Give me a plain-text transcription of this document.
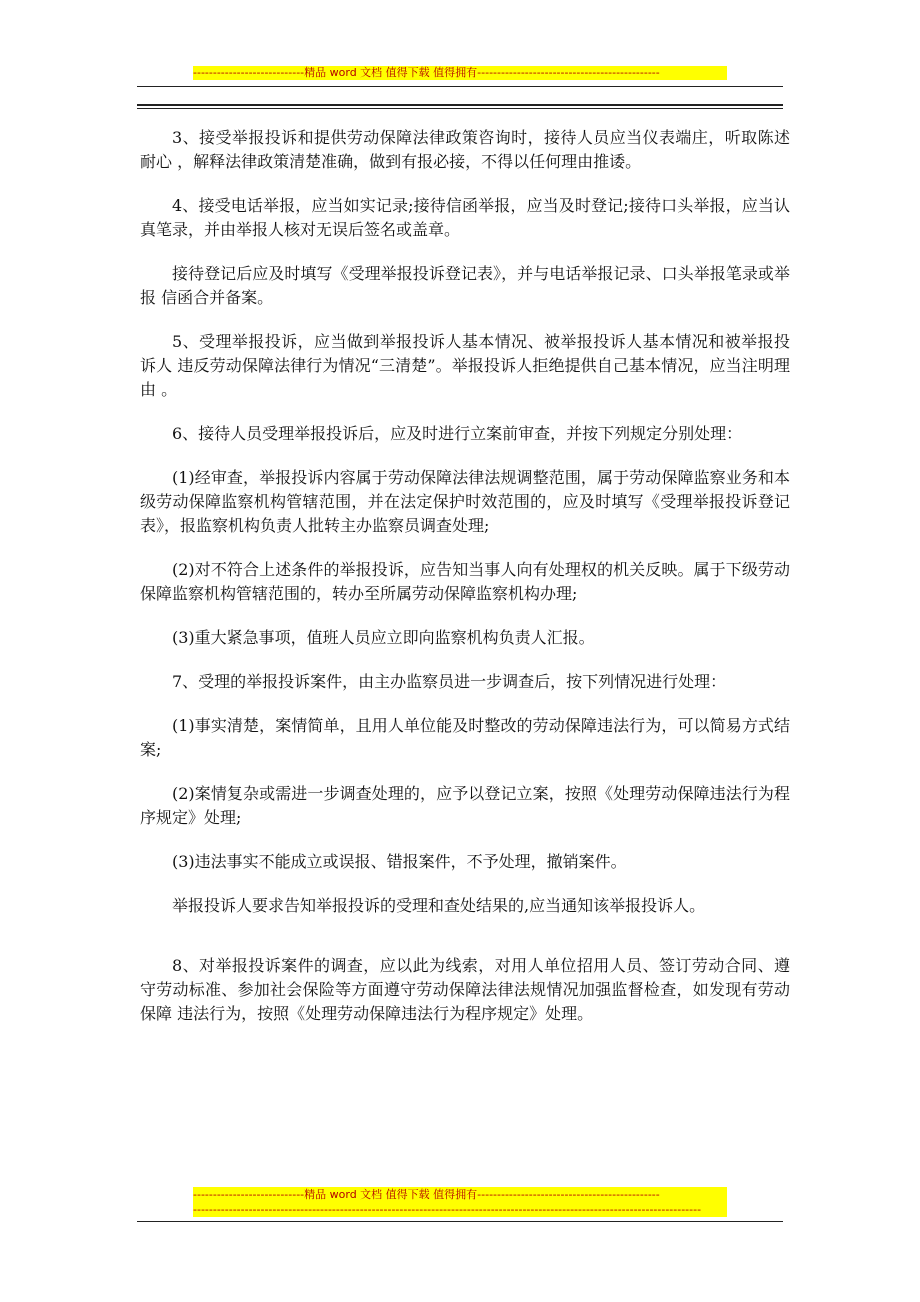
----------------------------精品 word 文档 值得下载 值得拥有----------------------------------------------

3、接受举报投诉和提供劳动保障法律政策咨询时，接待人员应当仪表端庄，听取陈述耐心 ，解释法律政策清楚准确，做到有报必接，不得以任何理由推诿。

4、接受电话举报，应当如实记录;接待信函举报，应当及时登记;接待口头举报，应当认真笔录，并由举报人核对无误后签名或盖章。

接待登记后应及时填写《受理举报投诉登记表》，并与电话举报记录、口头举报笔录或举报 信函合并备案。

5、受理举报投诉，应当做到举报投诉人基本情况、被举报投诉人基本情况和被举报投诉人 违反劳动保障法律行为情况“三清楚”。举报投诉人拒绝提供自己基本情况，应当注明理由 。

6、接待人员受理举报投诉后，应及时进行立案前审查，并按下列规定分别处理：

(1)经审查，举报投诉内容属于劳动保障法律法规调整范围，属于劳动保障监察业务和本级劳动保障监察机构管辖范围，并在法定保护时效范围的，应及时填写《受理举报投诉登记 表》，报监察机构负责人批转主办监察员调查处理;

(2)对不符合上述条件的举报投诉，应告知当事人向有处理权的机关反映。属于下级劳动 保障监察机构管辖范围的，转办至所属劳动保障监察机构办理;

(3)重大紧急事项，值班人员应立即向监察机构负责人汇报。

7、受理的举报投诉案件，由主办监察员进一步调查后，按下列情况进行处理：

(1)事实清楚，案情简单，且用人单位能及时整改的劳动保障违法行为，可以简易方式结 案;

(2)案情复杂或需进一步调查处理的，应予以登记立案，按照《处理劳动保障违法行为程序规定》处理;

(3)违法事实不能成立或误报、错报案件，不予处理，撤销案件。

举报投诉人要求告知举报投诉的受理和查处结果的,应当通知该举报投诉人。

8、对举报投诉案件的调查，应以此为线索，对用人单位招用人员、签订劳动合同、遵守劳动标准、参加社会保险等方面遵守劳动保障法律法规情况加强监督检查，如发现有劳动保障 违法行为，按照《处理劳动保障违法行为程序规定》处理。

----------------------------精品 word 文档 值得下载 值得拥有----------------------------------------------
--------------------------------------------------------------------------------------------------------------------------------
